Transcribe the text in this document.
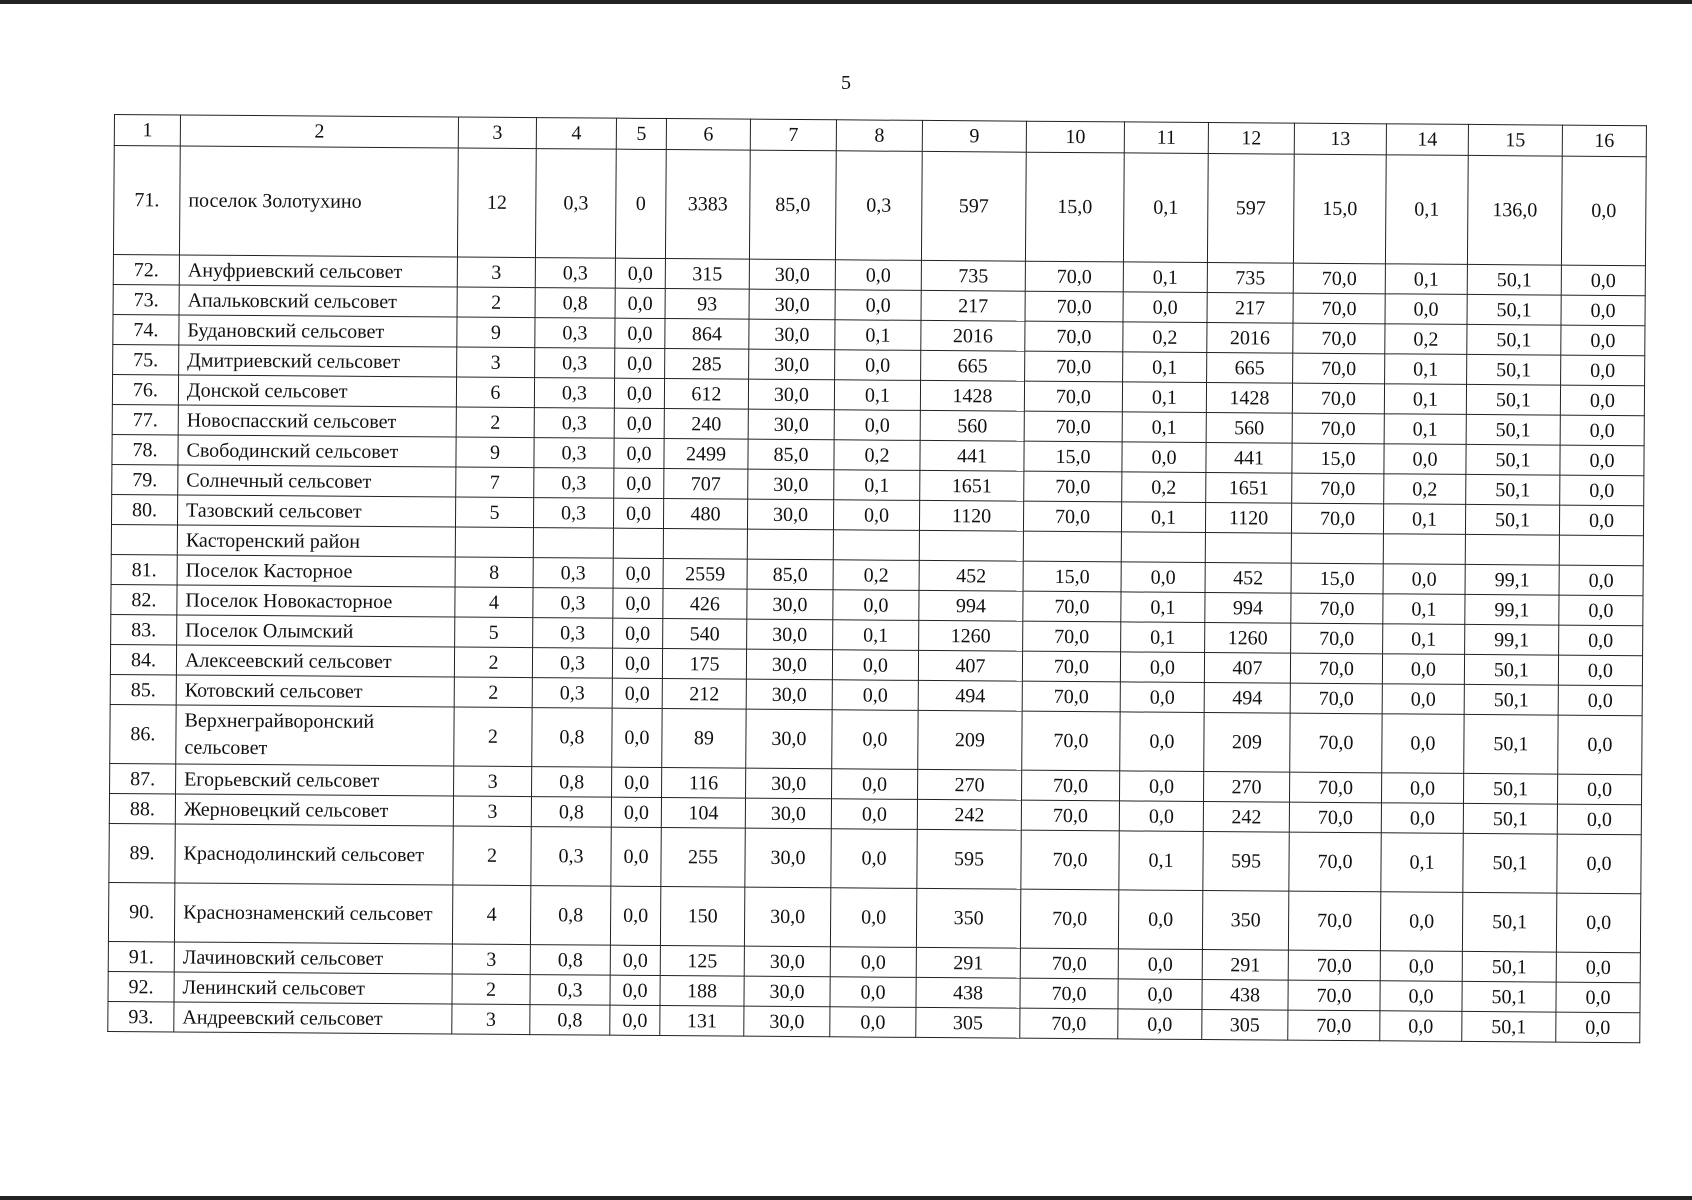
5
1	2	3	4	5	6	7	8	9	10	11	12	13	14	15	16
71.	поселок Золотухино	12	0,3	0	3383	85,0	0,3	597	15,0	0,1	597	15,0	0,1	136,0	0,0
72.	Ануфриевский сельсовет	3	0,3	0,0	315	30,0	0,0	735	70,0	0,1	735	70,0	0,1	50,1	0,0
73.	Апальковский сельсовет	2	0,8	0,0	93	30,0	0,0	217	70,0	0,0	217	70,0	0,0	50,1	0,0
74.	Будановский сельсовет	9	0,3	0,0	864	30,0	0,1	2016	70,0	0,2	2016	70,0	0,2	50,1	0,0
75.	Дмитриевский сельсовет	3	0,3	0,0	285	30,0	0,0	665	70,0	0,1	665	70,0	0,1	50,1	0,0
76.	Донской сельсовет	6	0,3	0,0	612	30,0	0,1	1428	70,0	0,1	1428	70,0	0,1	50,1	0,0
77.	Новоспасский сельсовет	2	0,3	0,0	240	30,0	0,0	560	70,0	0,1	560	70,0	0,1	50,1	0,0
78.	Свободинский сельсовет	9	0,3	0,0	2499	85,0	0,2	441	15,0	0,0	441	15,0	0,0	50,1	0,0
79.	Солнечный сельсовет	7	0,3	0,0	707	30,0	0,1	1651	70,0	0,2	1651	70,0	0,2	50,1	0,0
80.	Тазовский сельсовет	5	0,3	0,0	480	30,0	0,0	1120	70,0	0,1	1120	70,0	0,1	50,1	0,0
	Касторенский район														
81.	Поселок Касторное	8	0,3	0,0	2559	85,0	0,2	452	15,0	0,0	452	15,0	0,0	99,1	0,0
82.	Поселок Новокасторное	4	0,3	0,0	426	30,0	0,0	994	70,0	0,1	994	70,0	0,1	99,1	0,0
83.	Поселок Олымский	5	0,3	0,0	540	30,0	0,1	1260	70,0	0,1	1260	70,0	0,1	99,1	0,0
84.	Алексеевский сельсовет	2	0,3	0,0	175	30,0	0,0	407	70,0	0,0	407	70,0	0,0	50,1	0,0
85.	Котовский сельсовет	2	0,3	0,0	212	30,0	0,0	494	70,0	0,0	494	70,0	0,0	50,1	0,0
86.	Верхнеграйворонский сельсовет	2	0,8	0,0	89	30,0	0,0	209	70,0	0,0	209	70,0	0,0	50,1	0,0
87.	Егорьевский сельсовет	3	0,8	0,0	116	30,0	0,0	270	70,0	0,0	270	70,0	0,0	50,1	0,0
88.	Жерновецкий сельсовет	3	0,8	0,0	104	30,0	0,0	242	70,0	0,0	242	70,0	0,0	50,1	0,0
89.	Краснодолинский сельсовет	2	0,3	0,0	255	30,0	0,0	595	70,0	0,1	595	70,0	0,1	50,1	0,0
90.	Краснознаменский сельсовет	4	0,8	0,0	150	30,0	0,0	350	70,0	0,0	350	70,0	0,0	50,1	0,0
91.	Лачиновский сельсовет	3	0,8	0,0	125	30,0	0,0	291	70,0	0,0	291	70,0	0,0	50,1	0,0
92.	Ленинский сельсовет	2	0,3	0,0	188	30,0	0,0	438	70,0	0,0	438	70,0	0,0	50,1	0,0
93.	Андреевский сельсовет	3	0,8	0,0	131	30,0	0,0	305	70,0	0,0	305	70,0	0,0	50,1	0,0
